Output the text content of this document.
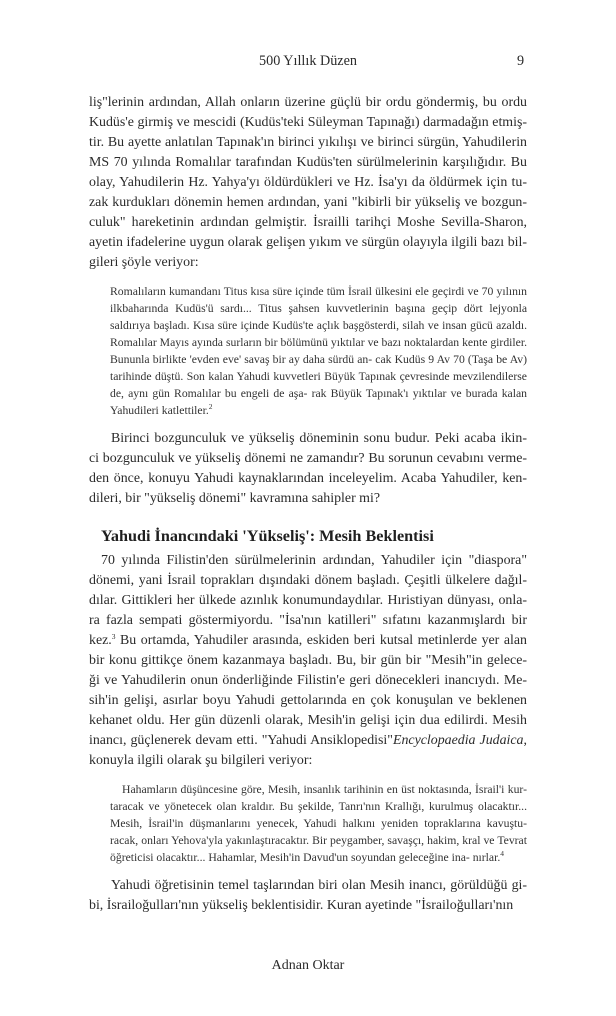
500 Yıllık Düzen	9

liş"lerinin ardından, Allah onların üzerine güçlü bir ordu göndermiş, bu ordu Kudüs'e girmiş ve mescidi (Kudüs'teki Süleyman Tapınağı) darmadağın etmiş- tir. Bu ayette anlatılan Tapınak'ın birinci yıkılışı ve birinci sürgün, Yahudilerin MS 70 yılında Romalılar tarafından Kudüs'ten sürülmelerinin karşılığıdır. Bu olay, Yahudilerin Hz. Yahya'yı öldürdükleri ve Hz. İsa'yı da öldürmek için tu- zak kurdukları dönemin hemen ardından, yani "kibirli bir yükseliş ve bozgun- culuk" hareketinin ardından gelmiştir. İsrailli tarihçi Moshe Sevilla-Sharon, ayetin ifadelerine uygun olarak gelişen yıkım ve sürgün olayıyla ilgili bazı bil- gileri şöyle veriyor:

Romalıların kumandanı Titus kısa süre içinde tüm İsrail ülkesini ele geçirdi ve 70 yılının ilkbaharında Kudüs'ü sardı... Titus şahsen kuvvetlerinin başına geçip dört lejyonla saldırıya başladı. Kısa süre içinde Kudüs'te açlık başgösterdi, silah ve insan gücü azaldı. Romalılar Mayıs ayında surların bir bölümünü yıktılar ve bazı noktalardan kente girdiler. Bununla birlikte 'evden eve' savaş bir ay daha sürdü an- cak Kudüs 9 Av 70 (Taşa be Av) tarihinde düştü. Son kalan Yahudi kuvvetleri Büyük Tapınak çevresinde mevzilendilerse de, aynı gün Romalılar bu engeli de aşa- rak Büyük Tapınak'ı yıktılar ve burada kalan Yahudileri katlettiler.$^2$

Birinci bozgunculuk ve yükseliş döneminin sonu budur. Peki acaba ikin- ci bozgunculuk ve yükseliş dönemi ne zamandır? Bu sorunun cevabını verme- den önce, konuyu Yahudi kaynaklarından inceleyelim. Acaba Yahudiler, ken- dileri, bir "yükseliş dönemi" kavramına sahipler mi?

Yahudi İnancındaki 'Yükseliş': Mesih Beklentisi

70 yılında Filistin'den sürülmelerinin ardından, Yahudiler için "diaspora" dönemi, yani İsrail toprakları dışındaki dönem başladı. Çeşitli ülkelere dağıl- dılar. Gittikleri her ülkede azınlık konumundaydılar. Hıristiyan dünyası, onla- ra fazla sempati göstermiyordu. "İsa'nın katilleri" sıfatını kazanmışlardı bir kez.$^3$ Bu ortamda, Yahudiler arasında, eskiden beri kutsal metinlerde yer alan bir konu gittikçe önem kazanmaya başladı. Bu, bir gün bir "Mesih"in gelece- ği ve Yahudilerin onun önderliğinde Filistin'e geri dönecekleri inancıydı. Me- sih'in gelişi, asırlar boyu Yahudi gettolarında en çok konuşulan ve beklenen kehanet oldu. Her gün düzenli olarak, Mesih'in gelişi için dua edilirdi. Mesih inancı, güçlenerek devam etti. "Yahudi Ansiklopedisi"Encyclopaedia Judaica, konuyla ilgili olarak şu bilgileri veriyor:

Hahamların düşüncesine göre, Mesih, insanlık tarihinin en üst noktasında, İsrail'i kur- taracak ve yönetecek olan kraldır. Bu şekilde, Tanrı'nın Krallığı, kurulmuş olacaktır... Mesih, İsrail'in düşmanlarını yenecek, Yahudi halkını yeniden topraklarına kavuştu- racak, onları Yehova'yla yakınlaştıracaktır. Bir peygamber, savaşçı, hakim, kral ve Tevrat öğreticisi olacaktır... Hahamlar, Mesih'in Davud'un soyundan geleceğine ina- nırlar.$^4$

Yahudi öğretisinin temel taşlarından biri olan Mesih inancı, görüldüğü gi- bi, İsrailoğulları'nın yükseliş beklentisidir. Kuran ayetinde "İsrailoğulları'nın

Adnan Oktar
